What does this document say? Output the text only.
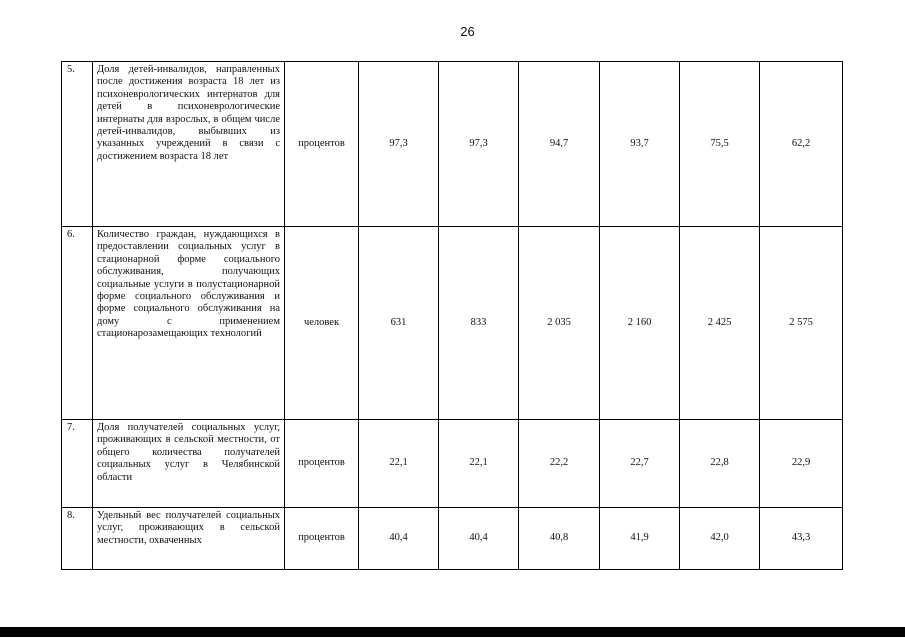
26
5.	Доля детей-инвалидов, направленных после достижения возраста 18 лет из психоневрологических интернатов для детей в психоневрологические интернаты для взрослых, в общем числе детей-инвалидов, выбывших из указанных учреждений в связи с достижением возраста 18 лет	процентов	97,3	97,3	94,7	93,7	75,5	62,2
6.	Количество граждан, нуждающихся в предоставлении социальных услуг в стационарной форме социального обслуживания, получающих социальные услуги в полустационарной форме социального обслуживания и форме социального обслуживания на дому с применением стационарозамещающих технологий	человек	631	833	2 035	2 160	2 425	2 575
7.	Доля получателей социальных услуг, проживающих в сельской местности, от общего количества получателей социальных услуг в Челябинской области	процентов	22,1	22,1	22,2	22,7	22,8	22,9
8.	Удельный вес получателей социальных услуг, проживающих в сельской местности, охваченных	процентов	40,4	40,4	40,8	41,9	42,0	43,3
